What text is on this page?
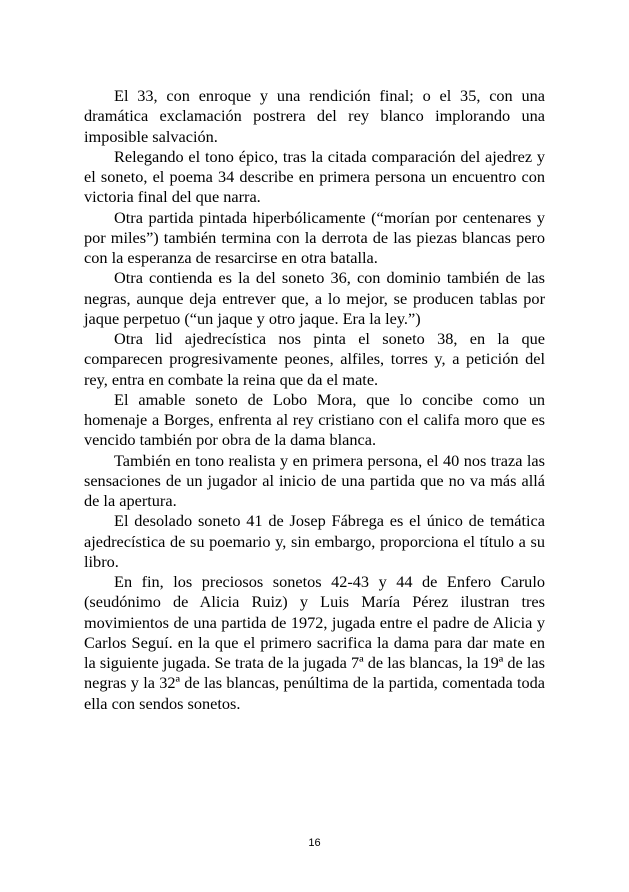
El 33, con enroque y una rendición final; o el 35, con una dramática exclamación postrera del rey blanco implorando una imposible salvación.

Relegando el tono épico, tras la citada comparación del ajedrez y el soneto, el poema 34 describe en primera persona un encuentro con victoria final del que narra.

Otra partida pintada hiperbólicamente (“morían por centenares y por miles”) también termina con la derrota de las piezas blancas pero con la esperanza de resarcirse en otra batalla.

Otra contienda es la del soneto 36, con dominio también de las negras, aunque deja entrever que, a lo mejor, se producen tablas por jaque perpetuo (“un jaque y otro jaque. Era la ley.”)

Otra lid ajedrecística nos pinta el soneto 38, en la que comparecen progresivamente peones, alfiles, torres y, a petición del rey, entra en combate la reina que da el mate.

El amable soneto de Lobo Mora, que lo concibe como un homenaje a Borges, enfrenta al rey cristiano con el califa moro que es vencido también por obra de la dama blanca.

También en tono realista y en primera persona, el 40 nos traza las sensaciones de un jugador al inicio de una partida que no va más allá de la apertura.

El desolado soneto 41 de Josep Fábrega es el único de temática ajedrecística de su poemario y, sin embargo, proporciona el título a su libro.

En fin, los preciosos sonetos 42-43 y 44 de Enfero Carulo (seudónimo de Alicia Ruiz) y Luis María Pérez ilustran tres movimientos de una partida de 1972, jugada entre el padre de Alicia y Carlos Seguí. en la que el primero sacrifica la dama para dar mate en la siguiente jugada. Se trata de la jugada 7ª de las blancas, la 19ª de las negras y la 32ª de las blancas, penúltima de la partida, comentada toda ella con sendos sonetos.

16
